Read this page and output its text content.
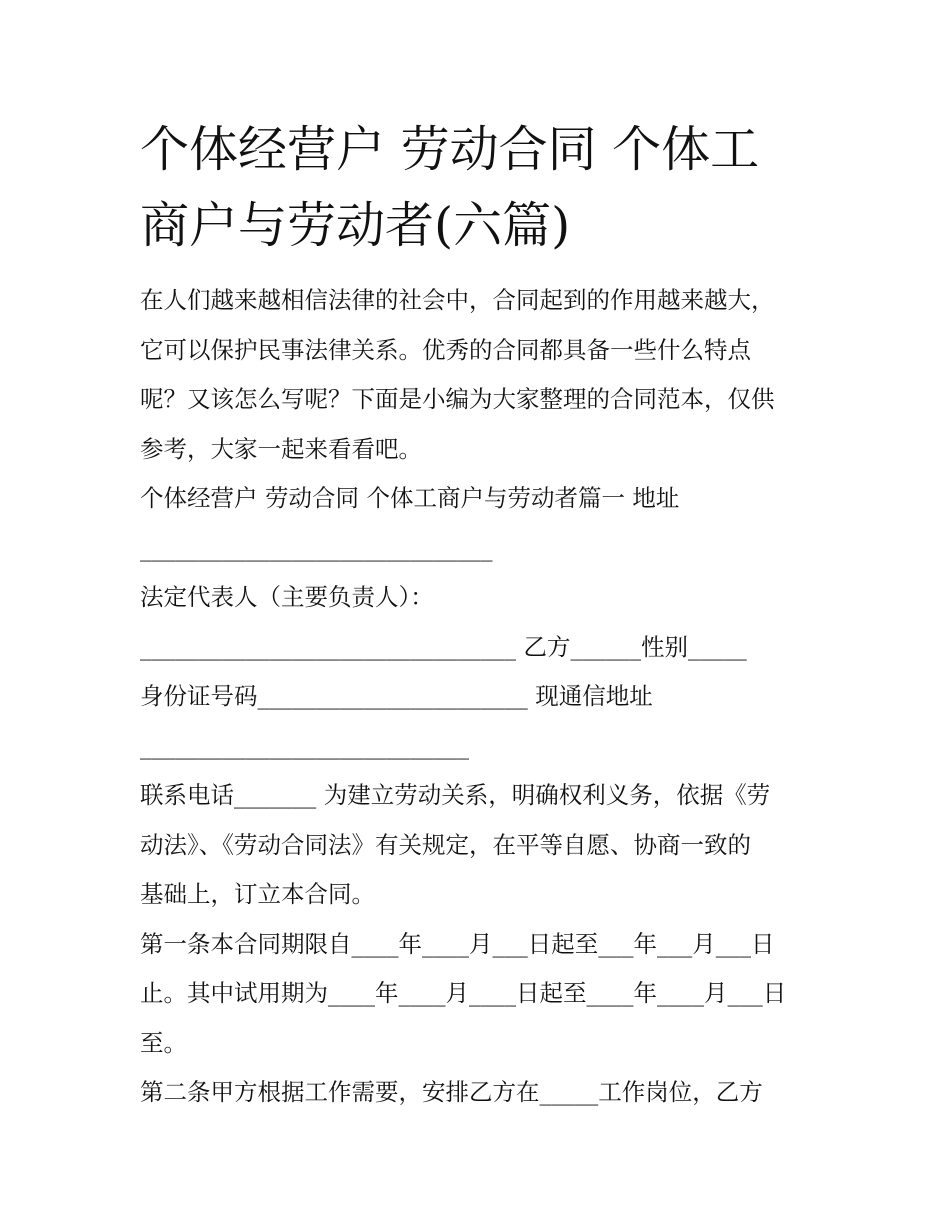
个体经营户 劳动合同 个体工
商户与劳动者(六篇)
在人们越来越相信法律的社会中，合同起到的作用越来越大，
它可以保护民事法律关系。优秀的合同都具备一些什么特点
呢？又该怎么写呢？下面是小编为大家整理的合同范本，仅供
参考，大家一起来看看吧。
个体经营户 劳动合同 个体工商户与劳动者篇一 地址
______________________________
法定代表人（主要负责人）：
________________________________ 乙方______性别_____
身份证号码_______________________ 现通信地址
____________________________
联系电话_______ 为建立劳动关系，明确权利义务，依据《劳
动法》、《劳动合同法》有关规定，在平等自愿、协商一致的
基础上，订立本合同。
第一条本合同期限自____年____月___日起至___年___月___日
止。其中试用期为____年____月____日起至____年____月___日
至。
第二条甲方根据工作需要，安排乙方在_____工作岗位，乙方
